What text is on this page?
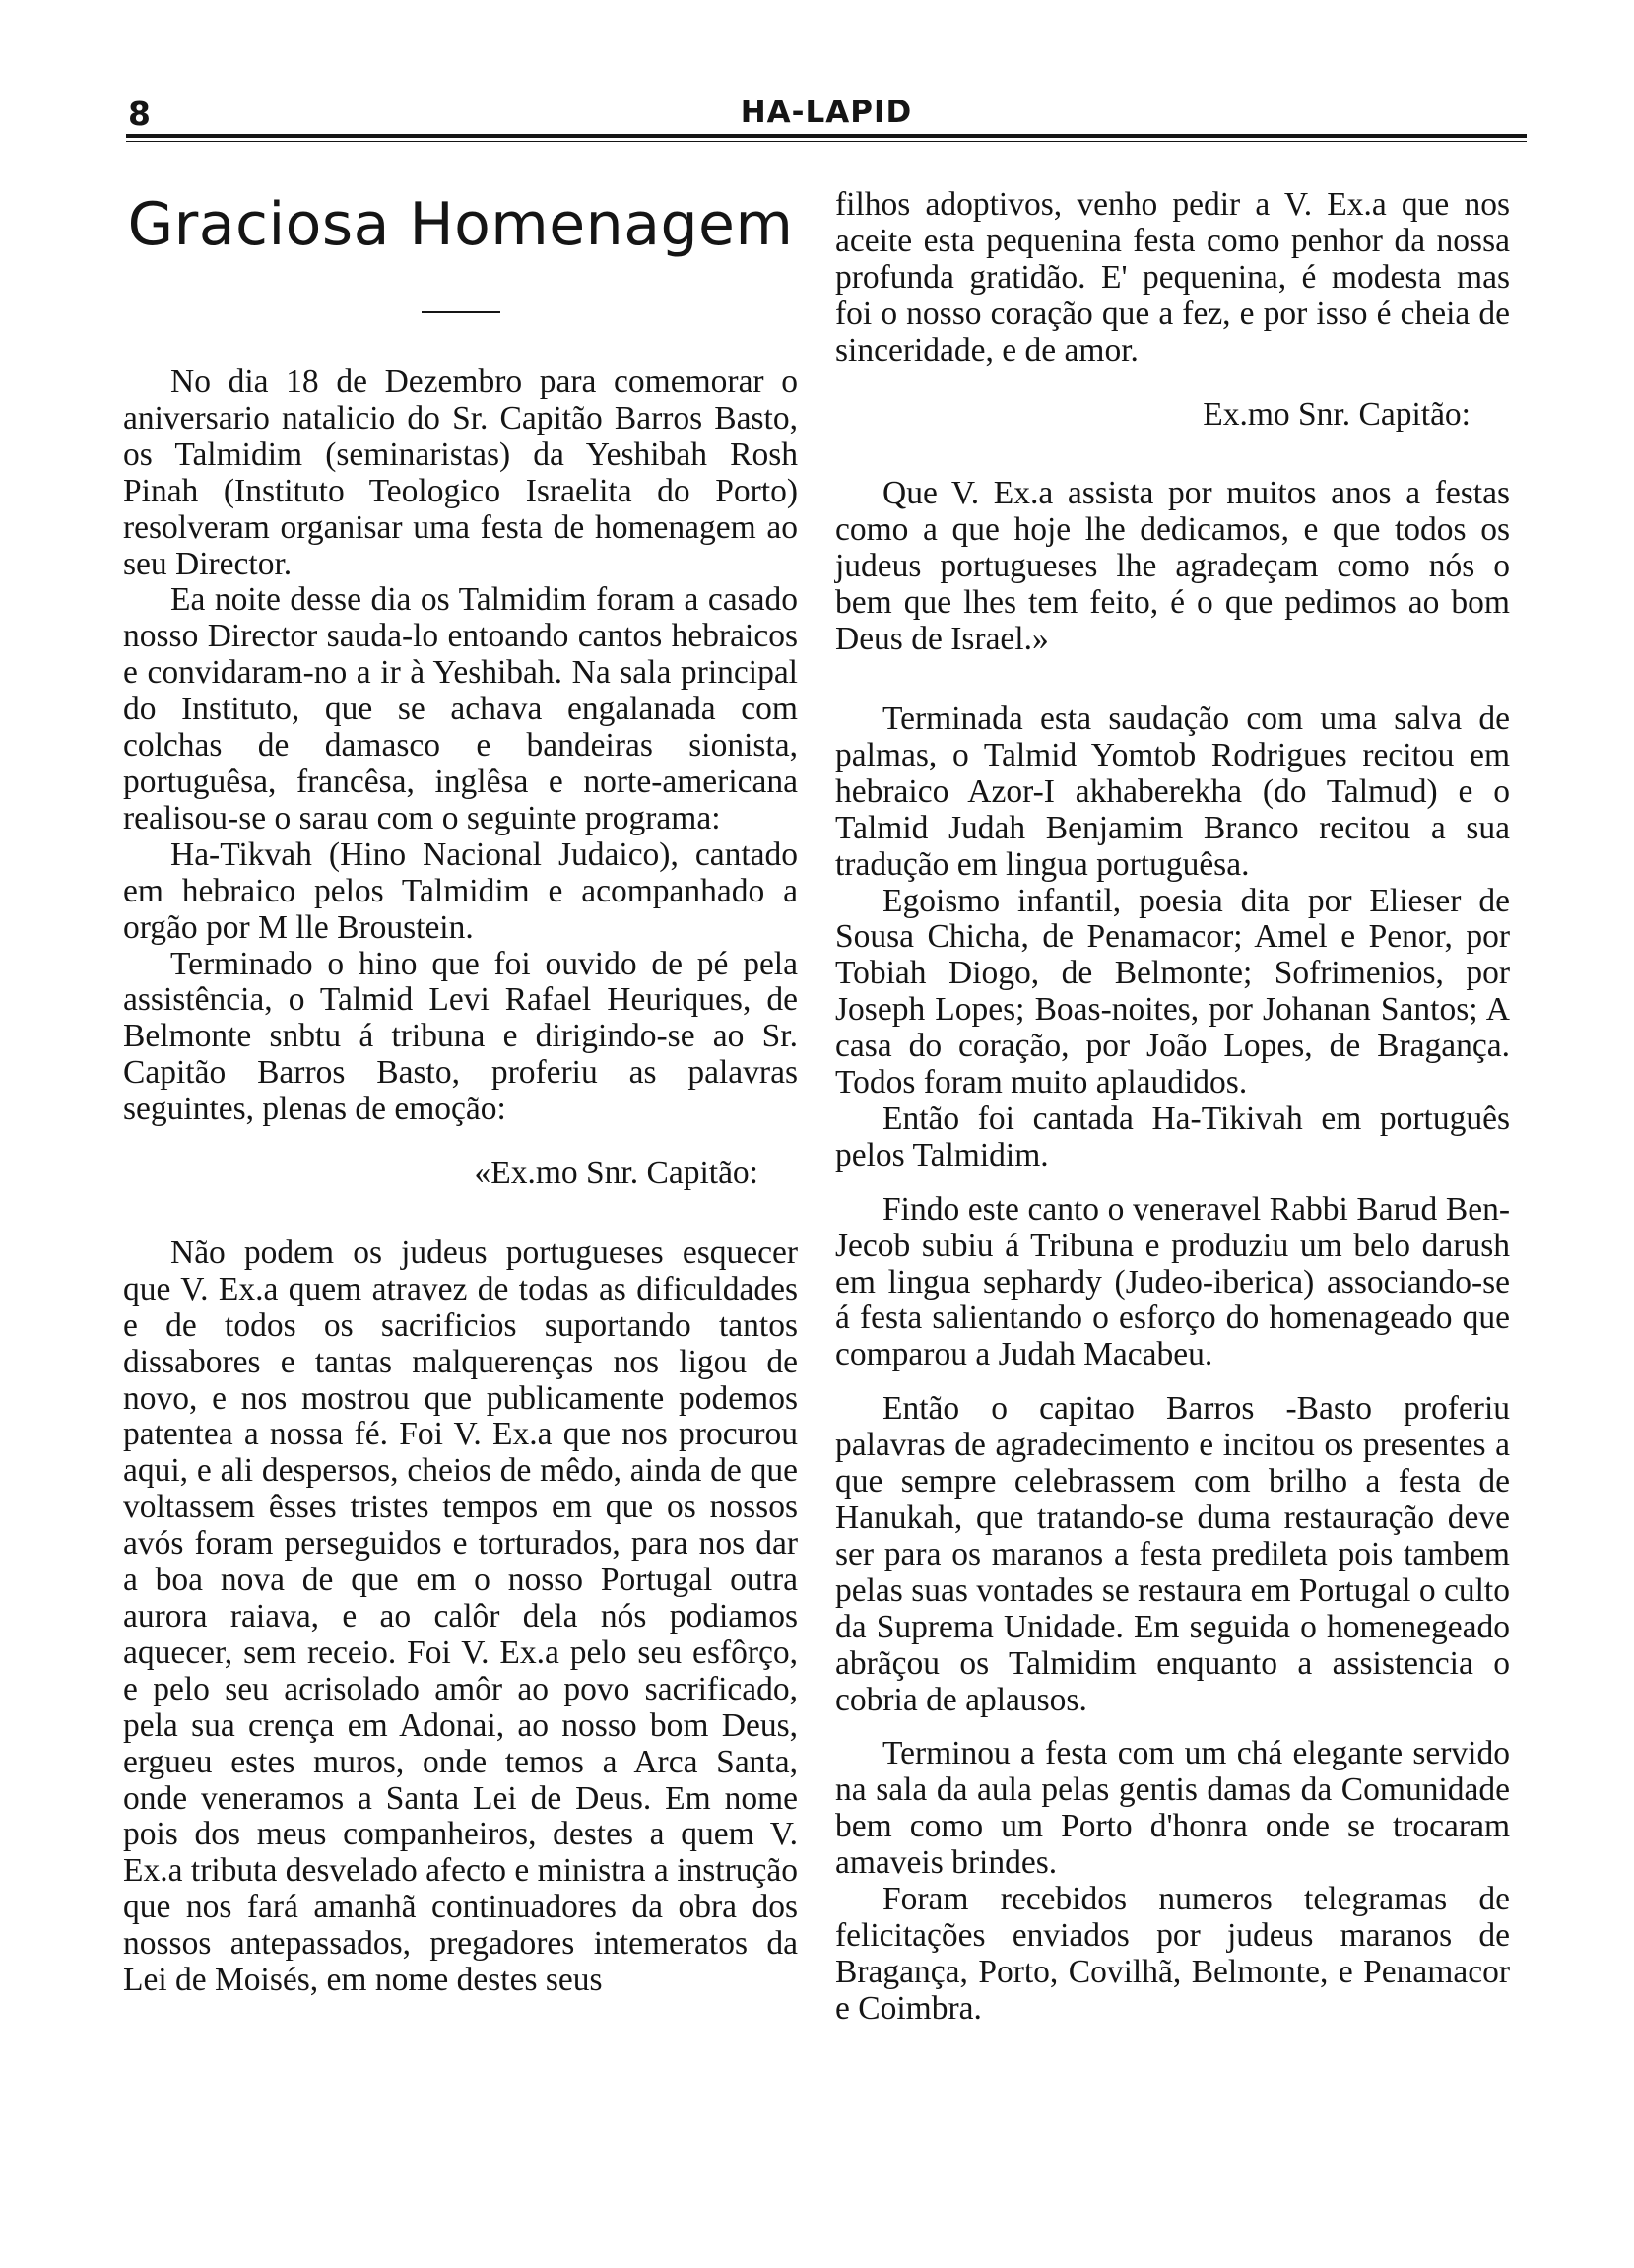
8	HA-LAPID
Graciosa Homenagem

No dia 18 de Dezembro para comemorar o aniversario natalicio do Sr. Capitão Barros Basto, os Talmidim (seminaristas) da Yeshibah Rosh Pinah (Instituto Teologico Israelita do Porto) resolveram organisar uma festa de homenagem ao seu Director.

Ea noite desse dia os Talmidim foram a casado nosso Director sauda-lo entoando cantos hebraicos e convidaram-no a ir à Yeshibah. Na sala principal do Instituto, que se achava engalanada com colchas de damasco e bandeiras sionista, portuguêsa, francêsa, inglêsa e norte-americana realisou-se o sarau com o seguinte programa:

Ha-Tikvah (Hino Nacional Judaico), cantado em hebraico pelos Talmidim e acompanhado a orgão por M lle Broustein.

Terminado o hino que foi ouvido de pé pela assistência, o Talmid Levi Rafael Heuriques, de Belmonte snbtu á tribuna e dirigindo-se ao Sr. Capitão Barros Basto, proferiu as palavras seguintes, plenas de emoção:

«Ex.mo Snr. Capitão:

Não podem os judeus portugueses esquecer que V. Ex.a quem atravez de todas as dificuldades e de todos os sacrificios suportando tantos dissabores e tantas malquerenças nos ligou de novo, e nos mostrou que publicamente podemos patentea a nossa fé. Foi V. Ex.a que nos procurou aqui, e ali despersos, cheios de mêdo, ainda de que voltassem êsses tristes tempos em que os nossos avós foram perseguidos e torturados, para nos dar a boa nova de que em o nosso Portugal outra aurora raiava, e ao calôr dela nós podiamos aquecer, sem receio. Foi V. Ex.a pelo seu esfôrço, e pelo seu acrisolado amôr ao povo sacrificado, pela sua crença em Adonai, ao nosso bom Deus, ergueu estes muros, onde temos a Arca Santa, onde veneramos a Santa Lei de Deus. Em nome pois dos meus companheiros, destes a quem V. Ex.a tributa desvelado afecto e ministra a instrução que nos fará amanhã continuadores da obra dos nossos antepassados, pregadores intemeratos da Lei de Moisés, em nome destes seus

filhos adoptivos, venho pedir a V. Ex.a que nos aceite esta pequenina festa como penhor da nossa profunda gratidão. E' pequenina, é modesta mas foi o nosso coração que a fez, e por isso é cheia de sinceridade, e de amor.

Ex.mo Snr. Capitão:

Que V. Ex.a assista por muitos anos a festas como a que hoje lhe dedicamos, e que todos os judeus portugueses lhe agradeçam como nós o bem que lhes tem feito, é o que pedimos ao bom Deus de Israel.»

Terminada esta saudação com uma salva de palmas, o Talmid Yomtob Rodrigues recitou em hebraico Azor-I akhaberekha (do Talmud) e o Talmid Judah Benjamim Branco recitou a sua tradução em lingua portuguêsa.

Egoismo infantil, poesia dita por Elieser de Sousa Chicha, de Penamacor; Amel e Penor, por Tobiah Diogo, de Belmonte; Sofrimenios, por Joseph Lopes; Boas-noites, por Johanan Santos; A casa do coração, por João Lopes, de Bragança. Todos foram muito aplaudidos.

Então foi cantada Ha-Tikivah em português pelos Talmidim.

Findo este canto o veneravel Rabbi Barud Ben-Jecob subiu á Tribuna e produziu um belo darush em lingua sephardy (Judeo-iberica) associando-se á festa salientando o esforço do homenageado que comparou a Judah Macabeu.

Então o capitao Barros -Basto proferiu palavras de agradecimento e incitou os presentes a que sempre celebrassem com brilho a festa de Hanukah, que tratando-se duma restauração deve ser para os maranos a festa predileta pois tambem pelas suas vontades se restaura em Portugal o culto da Suprema Unidade. Em seguida o homenegeado abrãçou os Talmidim enquanto a assistencia o cobria de aplausos.

Terminou a festa com um chá elegante servido na sala da aula pelas gentis damas da Comunidade bem como um Porto d'honra onde se trocaram amaveis brindes.

Foram recebidos numeros telegramas de felicitações enviados por judeus maranos de Bragança, Porto, Covilhã, Belmonte, e Penamacor e Coimbra.
